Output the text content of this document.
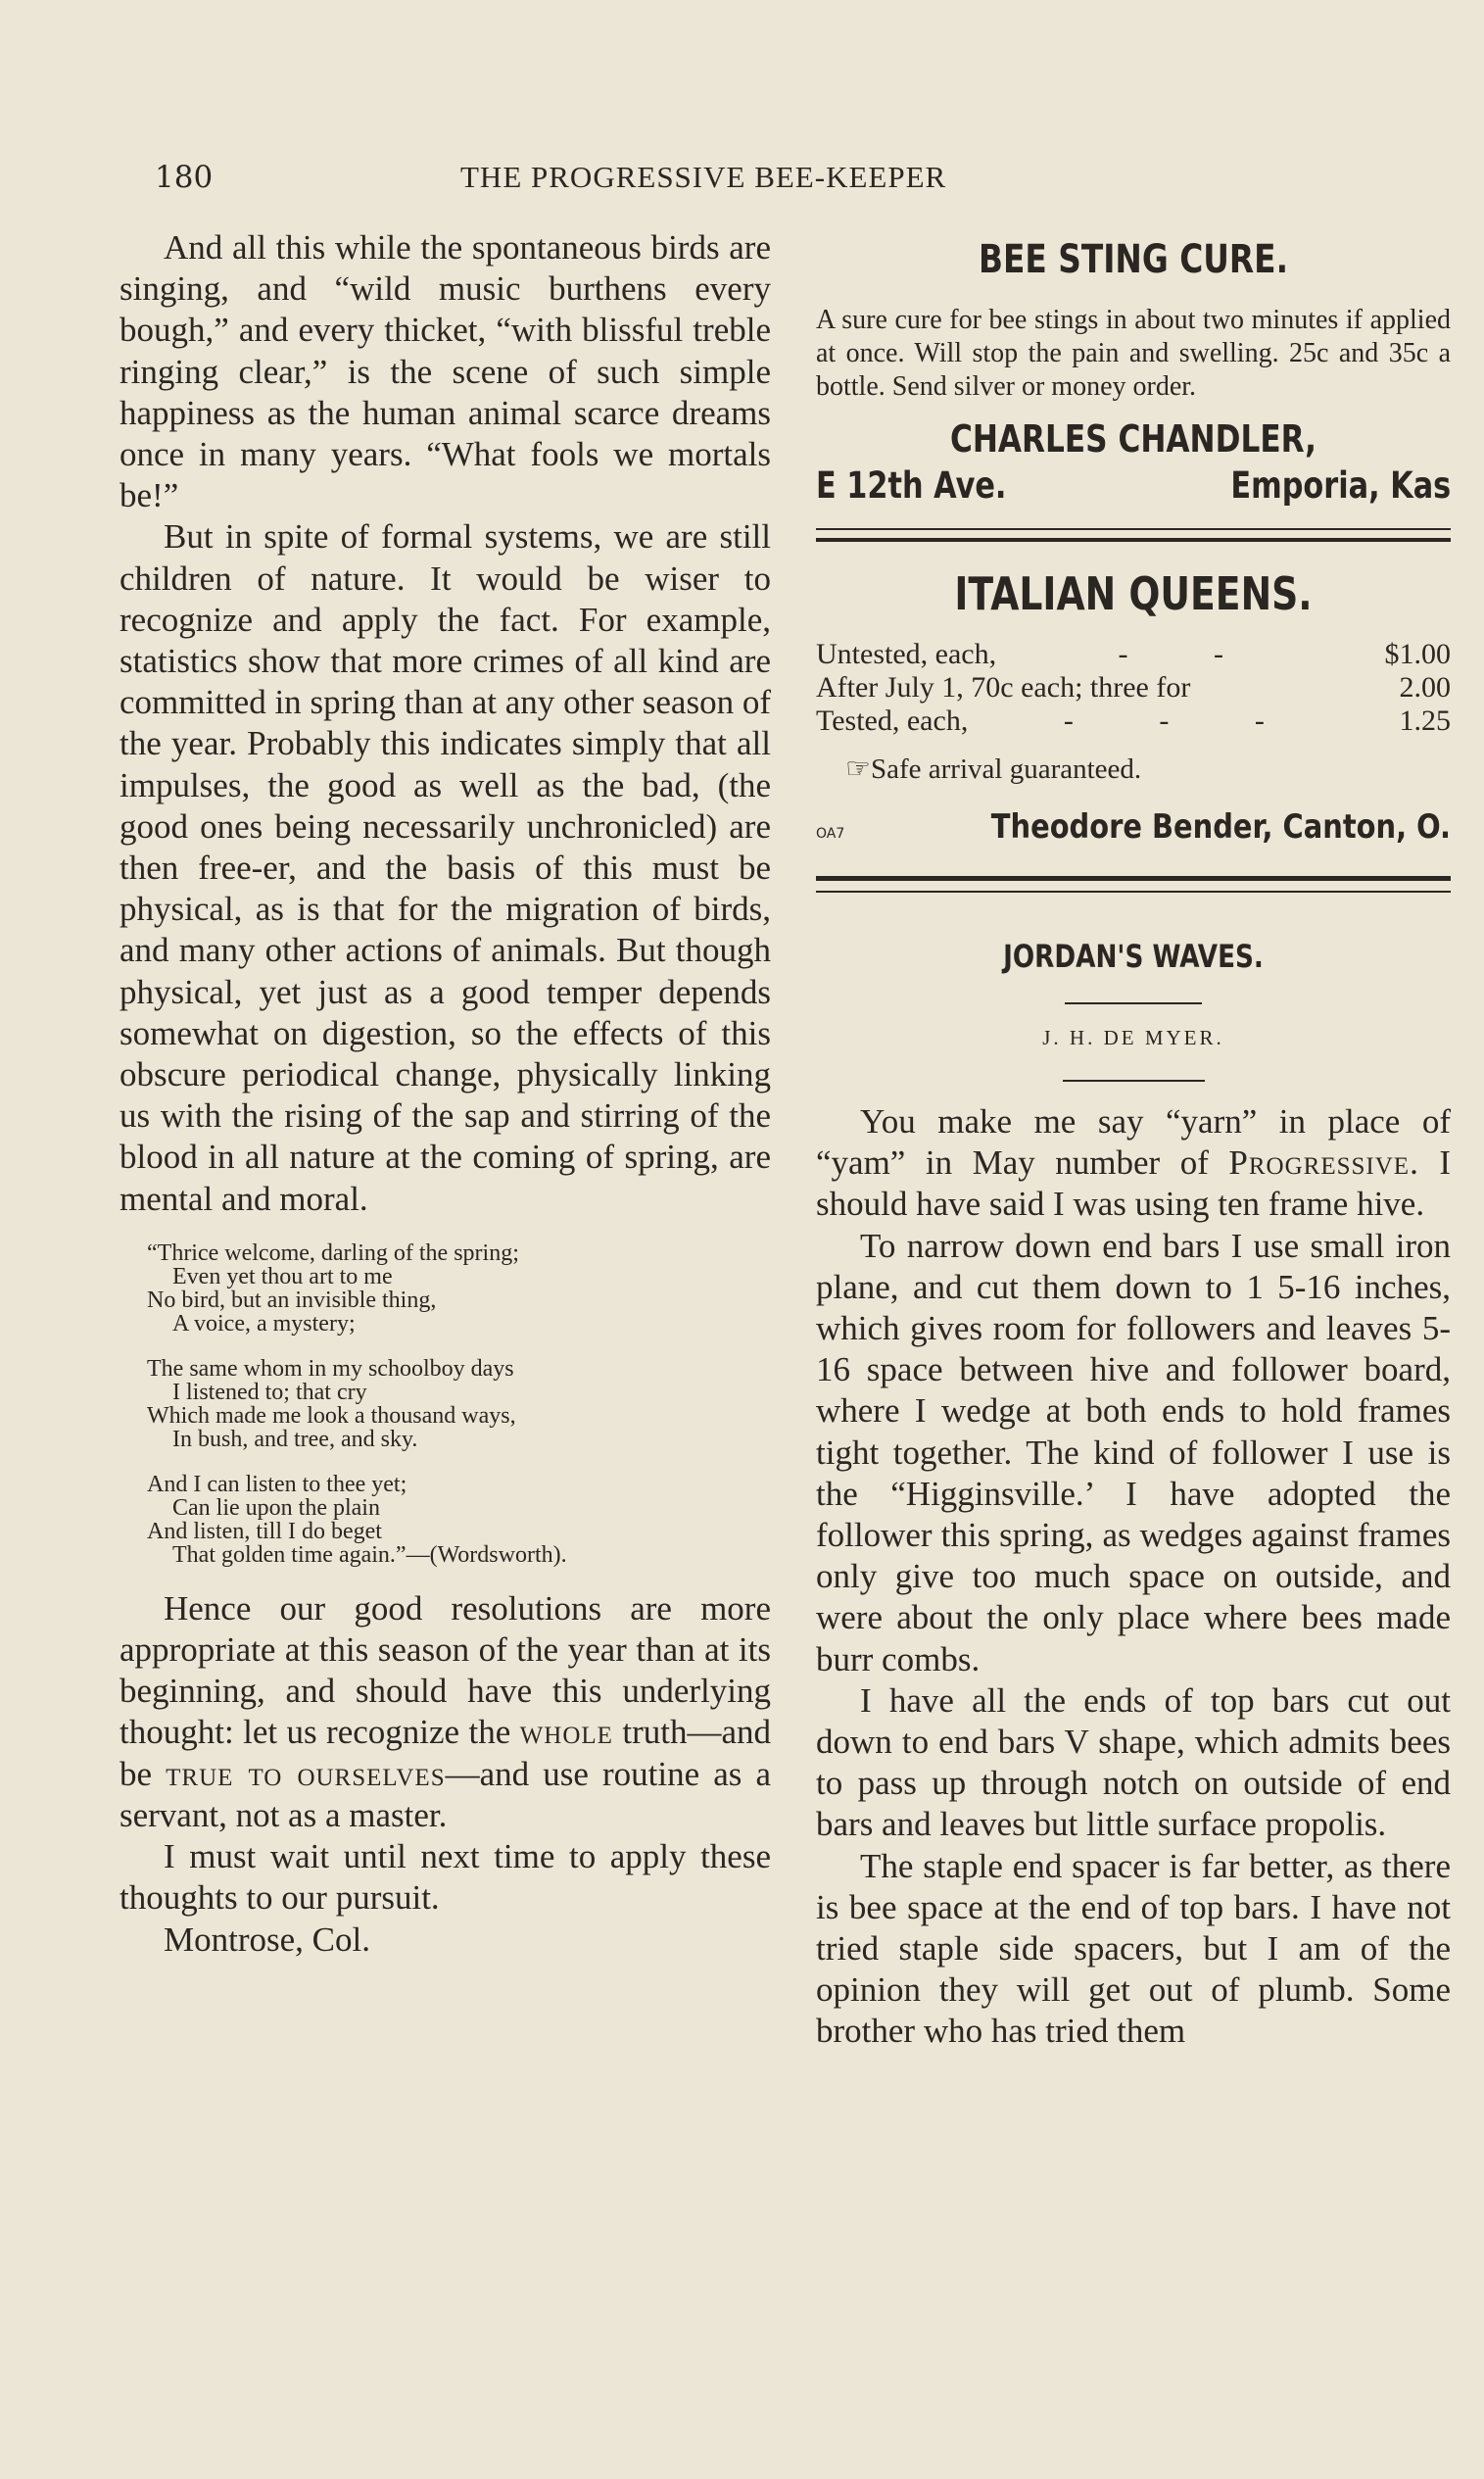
180	THE PROGRESSIVE BEE-KEEPER

And all this while the spontaneous birds are singing, and “wild music burthens every bough,” and every thicket, “with blissful treble ringing clear,” is the scene of such simple happiness as the human animal scarce dreams once in many years. “What fools we mortals be!”

But in spite of formal systems, we are still children of nature. It would be wiser to recognize and apply the fact. For example, statistics show that more crimes of all kind are committed in spring than at any other season of the year. Probably this indicates simply that all impulses, the good as well as the bad, (the good ones being necessarily unchronicled) are then free-er, and the basis of this must be physical, as is that for the migration of birds, and many other actions of animals. But though physical, yet just as a good temper depends somewhat on digestion, so the effects of this obscure periodical change, physically linking us with the rising of the sap and stirring of the blood in all nature at the coming of spring, are mental and moral.

“Thrice welcome, darling of the spring;
Even yet thou art to me
No bird, but an invisible thing,
A voice, a mystery;
The same whom in my schoolboy days
I listened to; that cry
Which made me look a thousand ways,
In bush, and tree, and sky.
And I can listen to thee yet;
Can lie upon the plain
And listen, till I do beget
That golden time again.”—(Wordsworth).

Hence our good resolutions are more appropriate at this season of the year than at its beginning, and should have this underlying thought: let us recognize the whole truth—and be true to ourselves—and use routine as a servant, not as a master.

I must wait until next time to apply these thoughts to our pursuit.

Montrose, Col.

BEE STING CURE.

A sure cure for bee stings in about two minutes if applied at once. Will stop the pain and swelling. 25c and 35c a bottle. Send silver or money order.

CHARLES CHANDLER,
E 12th Ave.	Emporia, Kas
ITALIAN QUEENS.
Untested, each,	- -	$1.00
After July 1, 70c each; three for	2.00
Tested, each,	- - -	1.25
☞Safe arrival guaranteed.
OA7	Theodore Bender, Canton, O.
JORDAN'S WAVES.
J. H. DE MYER.

You make me say “yarn” in place of “yam” in May number of Progressive. I should have said I was using ten frame hive.

To narrow down end bars I use small iron plane, and cut them down to 1 5-16 inches, which gives room for followers and leaves 5-16 space between hive and follower board, where I wedge at both ends to hold frames tight together. The kind of follower I use is the “Higginsville.’ I have adopted the follower this spring, as wedges against frames only give too much space on outside, and were about the only place where bees made burr combs.

I have all the ends of top bars cut out down to end bars V shape, which admits bees to pass up through notch on outside of end bars and leaves but little surface propolis.

The staple end spacer is far better, as there is bee space at the end of top bars. I have not tried staple side spacers, but I am of the opinion they will get out of plumb. Some brother who has tried them
